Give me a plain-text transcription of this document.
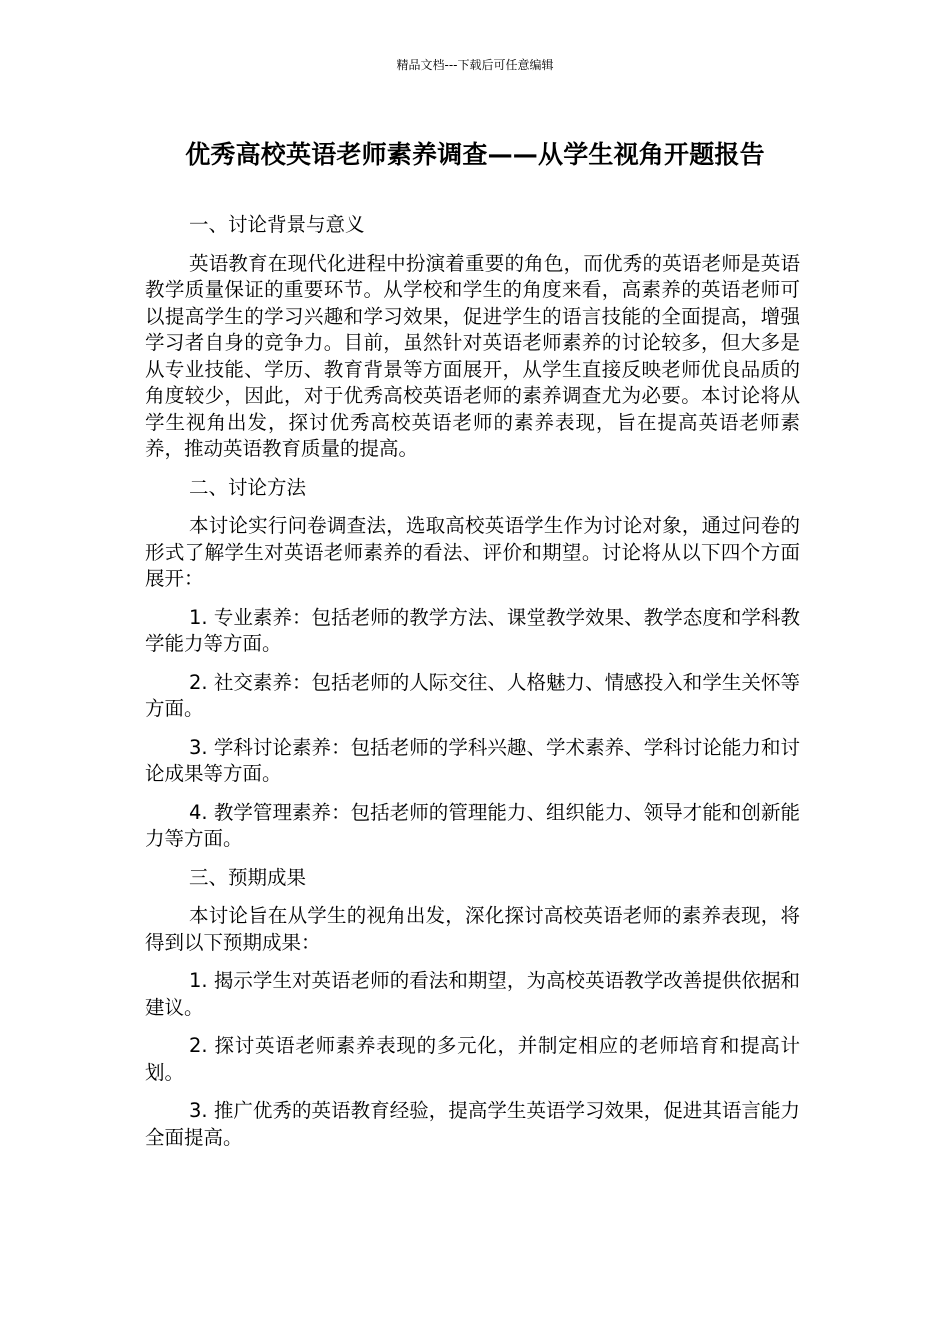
精品文档---下载后可任意编辑
优秀高校英语老师素养调查——从学生视角开题报告

一、讨论背景与意义

英语教育在现代化进程中扮演着重要的角色，而优秀的英语老师是英语教学质量保证的重要环节。从学校和学生的角度来看，高素养的英语老师可以提高学生的学习兴趣和学习效果，促进学生的语言技能的全面提高，增强学习者自身的竞争力。目前，虽然针对英语老师素养的讨论较多，但大多是从专业技能、学历、教育背景等方面展开，从学生直接反映老师优良品质的角度较少，因此，对于优秀高校英语老师的素养调查尤为必要。本讨论将从学生视角出发，探讨优秀高校英语老师的素养表现，旨在提高英语老师素养，推动英语教育质量的提高。

二、讨论方法

本讨论实行问卷调查法，选取高校英语学生作为讨论对象，通过问卷的形式了解学生对英语老师素养的看法、评价和期望。讨论将从以下四个方面展开：

1. 专业素养：包括老师的教学方法、课堂教学效果、教学态度和学科教学能力等方面。

2. 社交素养：包括老师的人际交往、人格魅力、情感投入和学生关怀等方面。

3. 学科讨论素养：包括老师的学科兴趣、学术素养、学科讨论能力和讨论成果等方面。

4. 教学管理素养：包括老师的管理能力、组织能力、领导才能和创新能力等方面。

三、预期成果

本讨论旨在从学生的视角出发，深化探讨高校英语老师的素养表现，将得到以下预期成果：

1. 揭示学生对英语老师的看法和期望，为高校英语教学改善提供依据和建议。

2. 探讨英语老师素养表现的多元化，并制定相应的老师培育和提高计划。

3. 推广优秀的英语教育经验，提高学生英语学习效果，促进其语言能力全面提高。
